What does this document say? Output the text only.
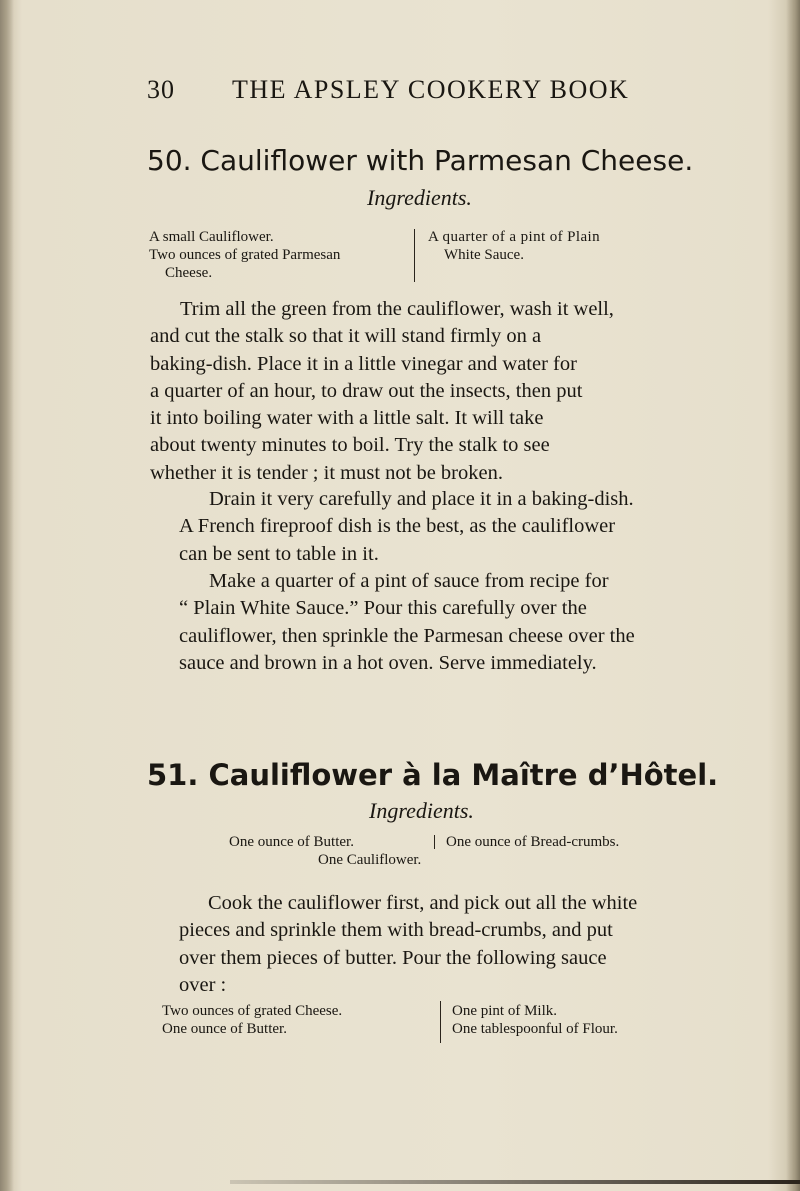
30 THE APSLEY COOKERY BOOK
50. Cauliflower with Parmesan Cheese.
Ingredients.
A small Cauliflower.
Two ounces of grated Parmesan
Cheese.
A quarter of a pint of Plain
White Sauce.
Trim all the green from the cauliflower, wash it well,
and cut the stalk so that it will stand firmly on a
baking-dish. Place it in a little vinegar and water for
a quarter of an hour, to draw out the insects, then put
it into boiling water with a little salt. It will take
about twenty minutes to boil. Try the stalk to see
whether it is tender ; it must not be broken.
Drain it very carefully and place it in a baking-dish.
A French fireproof dish is the best, as the cauliflower
can be sent to table in it.
Make a quarter of a pint of sauce from recipe for
“ Plain White Sauce.” Pour this carefully over the
cauliflower, then sprinkle the Parmesan cheese over the
sauce and brown in a hot oven. Serve immediately.
51. Cauliflower à la Maître d’Hôtel.
Ingredients.
One ounce of Butter.	One ounce of Bread-crumbs.
One Cauliflower.
Cook the cauliflower first, and pick out all the white
pieces and sprinkle them with bread-crumbs, and put
over them pieces of butter. Pour the following sauce
over :
Two ounces of grated Cheese.
One ounce of Butter.
One pint of Milk.
One tablespoonful of Flour.
